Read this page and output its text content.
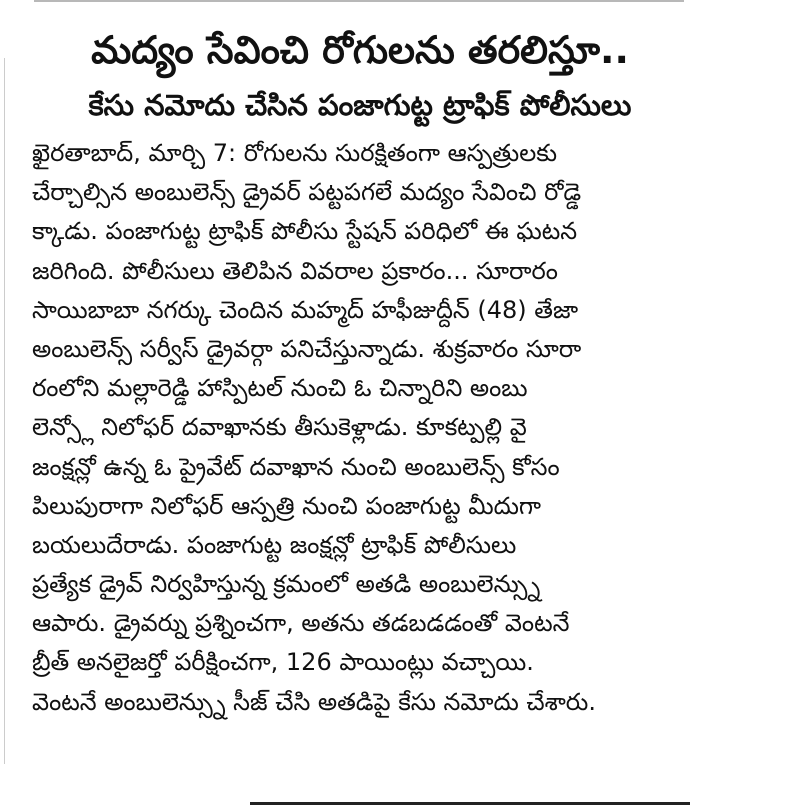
మద్యం సేవించి రోగులను తరలిస్తూ..
కేసు నమోదు చేసిన పంజాగుట్ట ట్రాఫిక్ పోలీసులు
ఖైరతాబాద్, మార్చి 7: రోగులను సురక్షితంగా ఆస్పత్రులకు
చేర్చాల్సిన అంబులెన్స్ డ్రైవర్ పట్టపగలే మద్యం సేవించి రోడ్డె
క్కాడు. పంజాగుట్ట ట్రాఫిక్ పోలీసు స్టేషన్ పరిధిలో ఈ ఘటన
జరిగింది. పోలీసులు తెలిపిన వివరాల ప్రకారం... సూరారం
సాయిబాబా నగర్కు చెందిన మహ్మద్ హఫీజుద్దీన్ (48) తేజా
అంబులెన్స్ సర్వీస్ డ్రైవర్గా పనిచేస్తున్నాడు. శుక్రవారం సూరా
రంలోని మల్లారెడ్డి హాస్పిటల్ నుంచి ఓ చిన్నారిని అంబు
లెన్స్లో నిలోఫర్ దవాఖానకు తీసుకెళ్లాడు. కూకట్పల్లి వై
జంక్షన్లో ఉన్న ఓ ప్రైవేట్ దవాఖాన నుంచి అంబులెన్స్ కోసం
పిలుపురాగా నిలోఫర్ ఆస్పత్రి నుంచి పంజాగుట్ట మీదుగా
బయలుదేరాడు. పంజాగుట్ట జంక్షన్లో ట్రాఫిక్ పోలీసులు
ప్రత్యేక డ్రైవ్ నిర్వహిస్తున్న క్రమంలో అతడి అంబులెన్స్ను
ఆపారు. డ్రైవర్ను ప్రశ్నించగా, అతను తడబడడంతో వెంటనే
బ్రీత్ అనలైజర్తో పరీక్షించగా, 126 పాయింట్లు వచ్చాయి.
వెంటనే అంబులెన్స్ను సీజ్ చేసి అతడిపై కేసు నమోదు చేశారు.
